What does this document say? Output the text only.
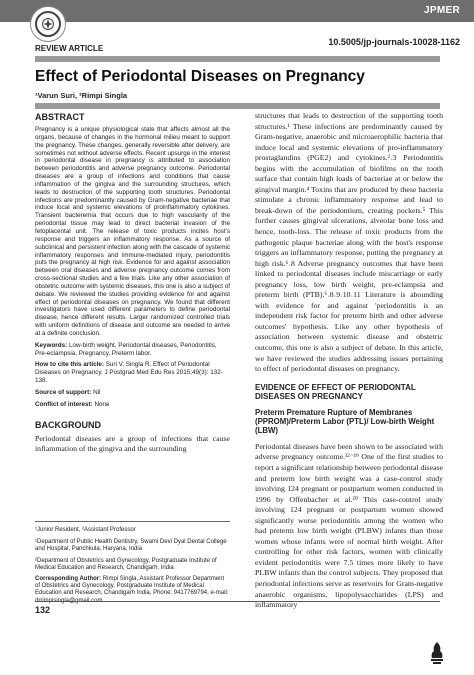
JPMER
10.5005/jp-journals-10028-1162
REVIEW ARTICLE
Effect of Periodontal Diseases on Pregnancy
¹Varun Suri, ²Rimpi Singla
ABSTRACT

Pregnancy is a unique physiological state that affects almost all the organs, because of changes in the hormonal milieu meant to support the pregnancy. These changes, generally reversible after delivery, are sometimes not without adverse effects. Recent upsurge in the interest in periodontal disease in pregnancy is attributed to association between periodontitis and adverse pregnancy outcome. Periodontal diseases are a group of infections and conditions that cause inflammation of the gingiva and the surrounding structures, which leads to destruction of the supporting tooth structures. Periodontal infections are predominantly caused by Gram-negative bacteriae that induce local and systemic elevations of proinflammatory cytokines. Transient bacteremia that occurs due to high vascularity of the periodontal tissue may lead to direct bacterial invasion of the fetoplacental unit. The release of toxic products incites host's response and triggers an inflammatory response. As a source of subclinical and persistent infection along with the cascade of systemic inflammatory responses and immune-mediated injury, periodontitis puts the pregnancy at high risk. Evidence for and against association between oral diseases and adverse pregnancy outcome comes from cross-sectional studies and a few trials. Like any other association of obstetric outcome with systemic diseases, this one is also a subject of debate. We reviewed the studies providing evidence for and against effect of periodontal diseases on pregnancy. We found that different investigators have used different parameters to define periodontal disease, hence different results. Larger randomized controlled trials with uniform definitions of disease and outcome are needed to arrive at a definite conclusion.

Keywords: Low-birth weight, Periodontal diseases, Periodontitis, Pre-eclampsia, Pregnancy, Preterm labor.

How to cite this article: Suri V, Singla R. Effect of Periodontal Diseases on Pregnancy. J Postgrad Med Edu Res 2015;49(3): 132-138.

Source of support: Nil

Conflict of interest: None

BACKGROUND

Periodontal diseases are a group of infections that cause inflammation of the gingiva and the surrounding

¹Junior Resident, ²Assistant Professor

¹Department of Public Health Dentistry, Swami Devi Dyal Dental College and Hospital, Panchkula, Haryana, India

²Department of Obstetrics and Gynecology, Postgraduate Institute of Medical Education and Research, Chandigarh, India

Corresponding Author: Rimpi Singla, Assistant Professor Department of Obstetrics and Gynecology, Postgraduate Institute of Medical Education and Research, Chandigarh India, Phone: 9417769794, e-mail: drrimpisingla@gmail.com

structures that leads to destruction of the supporting tooth structures.¹ These infections are predominantly caused by Gram-negative, anaerobic and microaerophilic bacteria that induce local and systemic elevations of pro-inflammatory prostaglandins (PGE2) and cytokines.²˒3 Periodontitis begins with the accumulation of biofilms on the tooth surface that contain high loads of bacteriae at or below the gingival margin.⁴ Toxins that are produced by these bacteria stimulate a chronic inflammatory response and lead to break-down of the periodontium, creating pockets.⁵ This further causes gingival ulcerations, alveolar bone loss and hence, tooth-loss. The release of toxic products from the pathogenic plaque bacteriae along with the host's response triggers an inflammatory response, putting the pregnancy at high risk.⁶˒8 Adverse pregnancy outcomes that have been linked to periodontal diseases include miscarriage or early pregnancy loss, low birth weight, pre-eclampsia and preterm birth (PTB).⁶˒8˒9˒10˒11 Literature is abounding with evidence for and against 'periodontitis is an independent risk factor for preterm birth and other adverse outcomes' hypothesis. Like any other hypothesis of association between systemic disease and obstetric outcome, this one is also a subject of debate. In this article, we have reviewed the studies addressing issues pertaining to effect of periodontal diseases on pregnancy.

EVIDENCE OF EFFECT OF PERIODONTAL DISEASES ON PREGNANCY
Preterm Premature Rupture of Membranes (PPROM)/Preterm Labor (PTL)/ Low-birth Weight (LBW)

Periodontal diseases have been shown to be associated with adverse pregnancy outcome.¹²⁻¹⁹ One of the first studies to report a significant relationship between periodontal disease and preterm low birth weight was a case-control study involving 124 pregnant or postpartum women conducted in 1996 by Offenbacher et al.²⁰ This case-control study involving 124 pregnant or postpartum women showed significantly worse periodontitis among the women who had preterm low birth weight (PLBW) infants than those women whose infants were of normal birth weight. After controlling for other risk factors, women with clinically evident periodontitis were 7.5 times more likely to have PLBW infants than the control subjects. They proposed that periodontal infections serve as reservoirs for Gram-negative anaerobic organisms, lipopolysaccharides (LPS) and inflammatory

132
